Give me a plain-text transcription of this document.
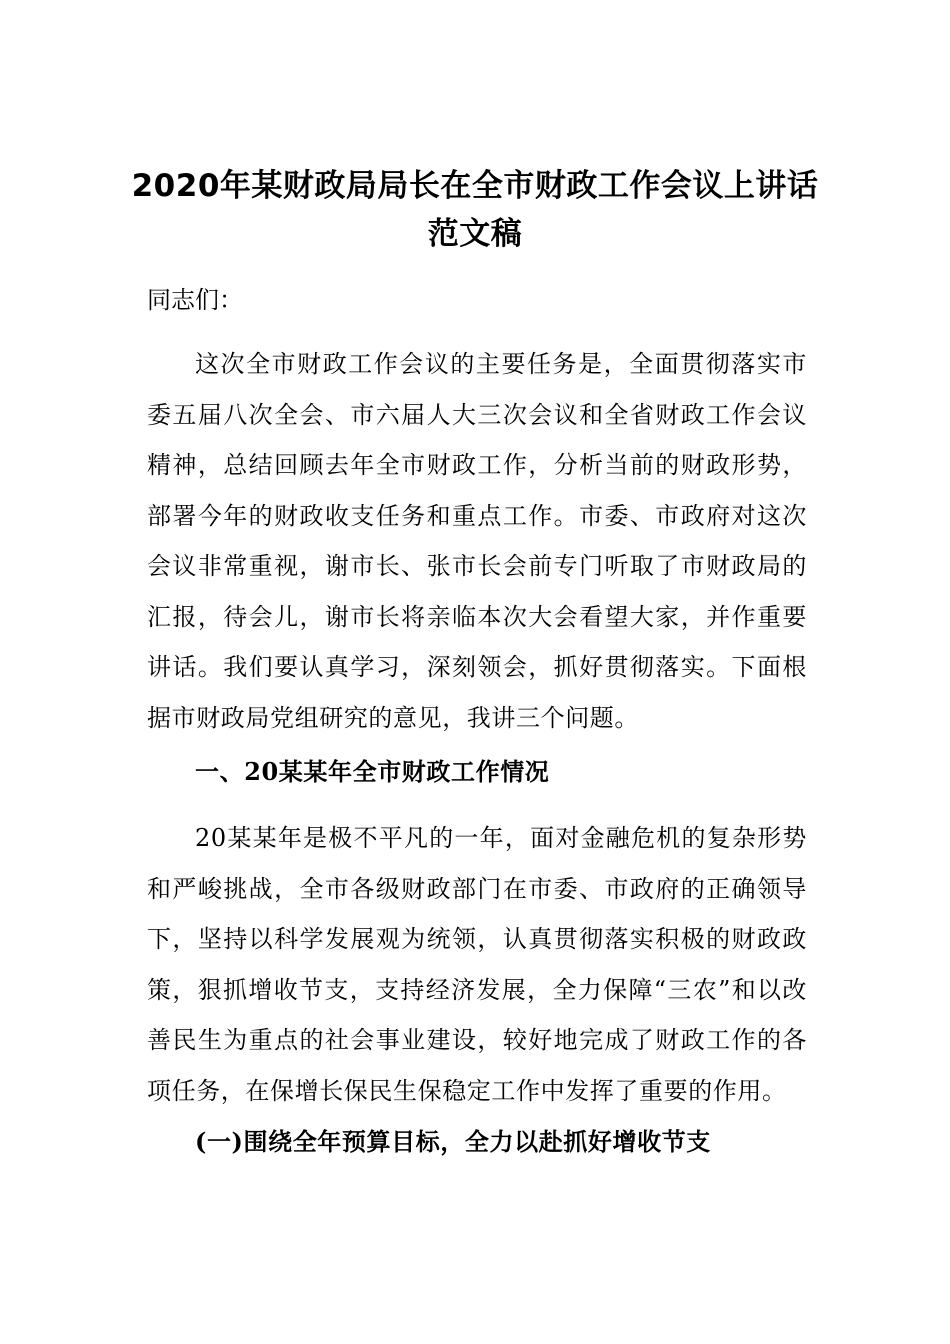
2020年某财政局局长在全市财政工作会议上讲话范文稿
同志们：
这次全市财政工作会议的主要任务是，全面贯彻落实市委五届八次全会、市六届人大三次会议和全省财政工作会议精神，总结回顾去年全市财政工作，分析当前的财政形势，部署今年的财政收支任务和重点工作。市委、市政府对这次会议非常重视，谢市长、张市长会前专门听取了市财政局的汇报，待会儿，谢市长将亲临本次大会看望大家，并作重要讲话。我们要认真学习，深刻领会，抓好贯彻落实。下面根据市财政局党组研究的意见，我讲三个问题。
一、20某某年全市财政工作情况
20某某年是极不平凡的一年，面对金融危机的复杂形势和严峻挑战，全市各级财政部门在市委、市政府的正确领导下，坚持以科学发展观为统领，认真贯彻落实积极的财政政策，狠抓增收节支，支持经济发展，全力保障“三农”和以改善民生为重点的社会事业建设，较好地完成了财政工作的各项任务，在保增长保民生保稳定工作中发挥了重要的作用。
(一)围绕全年预算目标，全力以赴抓好增收节支
